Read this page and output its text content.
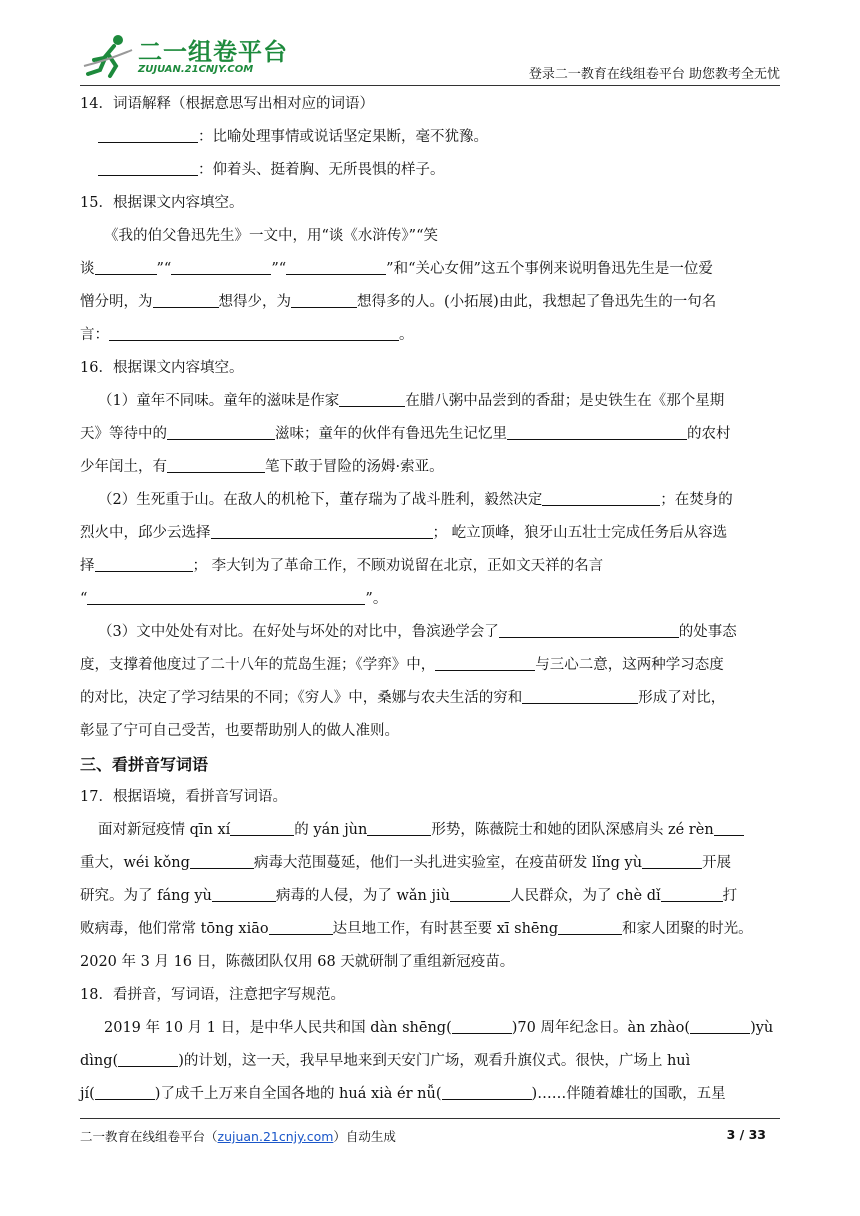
二一组卷平台
ZUJUAN.21CNJY.COM	登录二一教育在线组卷平台 助您教考全无忧

14．词语解释（根据意思写出相对应的词语）

：比喻处理事情或说话坚定果断，毫不犹豫。

：仰着头、挺着胸、无所畏惧的样子。

15．根据课文内容填空。

《我的伯父鲁迅先生》一文中，用“谈《水浒传》”“笑

谈	”“	”“	”和“关心女佣”这五个事例来说明鲁迅先生是一位爱

憎分明，为	想得少，为	想得多的人。(小拓展)由此，我想起了鲁迅先生的一句名

言：	。

16．根据课文内容填空。

（1）童年不同味。童年的滋味是作家	在腊八粥中品尝到的香甜；是史铁生在《那个星期

天》等待中的	滋味；童年的伙伴有鲁迅先生记忆里	的农村

少年闰土，有	笔下敢于冒险的汤姆·索亚。

（2）生死重于山。在敌人的机枪下，董存瑞为了战斗胜利，毅然决定	；在焚身的

烈火中，邱少云选择	； 屹立顶峰，狼牙山五壮士完成任务后从容选

择	； 李大钊为了革命工作，不顾劝说留在北京，正如文天祥的名言

“	”。

（3）文中处处有对比。在好处与坏处的对比中，鲁滨逊学会了	的处事态

度，支撑着他度过了二十八年的荒岛生涯；《学弈》中，	与三心二意，这两种学习态度

的对比，决定了学习结果的不同；《穷人》中，桑娜与农夫生活的穷和	形成了对比，

彰显了宁可自己受苦，也要帮助别人的做人准则。

三、看拼音写词语

17．根据语境，看拼音写词语。

面对新冠疫情 qīn xí	的 yán jùn	形势，陈薇院士和她的团队深感肩头 zé rèn

重大，wéi kǒng	病毒大范围蔓延，他们一头扎进实验室，在疫苗研发 lǐng yù	开展

研究。为了 fáng yù	病毒的人侵，为了 wǎn jiù	人民群众，为了 chè dǐ	打

败病毒，他们常常 tōng xiāo	达旦地工作，有时甚至要 xī shēng	和家人团聚的时光。

2020 年 3 月 16 日，陈薇团队仅用 68 天就研制了重组新冠疫苗。

18．看拼音，写词语，注意把字写规范。

2019 年 10 月 1 日，是中华人民共和国 dàn shēng(	)70 周年纪念日。àn zhào(	)yù

dìng(	)的计划，这一天，我早早地来到天安门广场，观看升旗仪式。很快，广场上 huì

jí(	)了成千上万来自全国各地的 huá xià ér nǚ(	)……伴随着雄壮的国歌，五星

二一教育在线组卷平台（zujuan.21cnjy.com）自动生成	3 / 33
